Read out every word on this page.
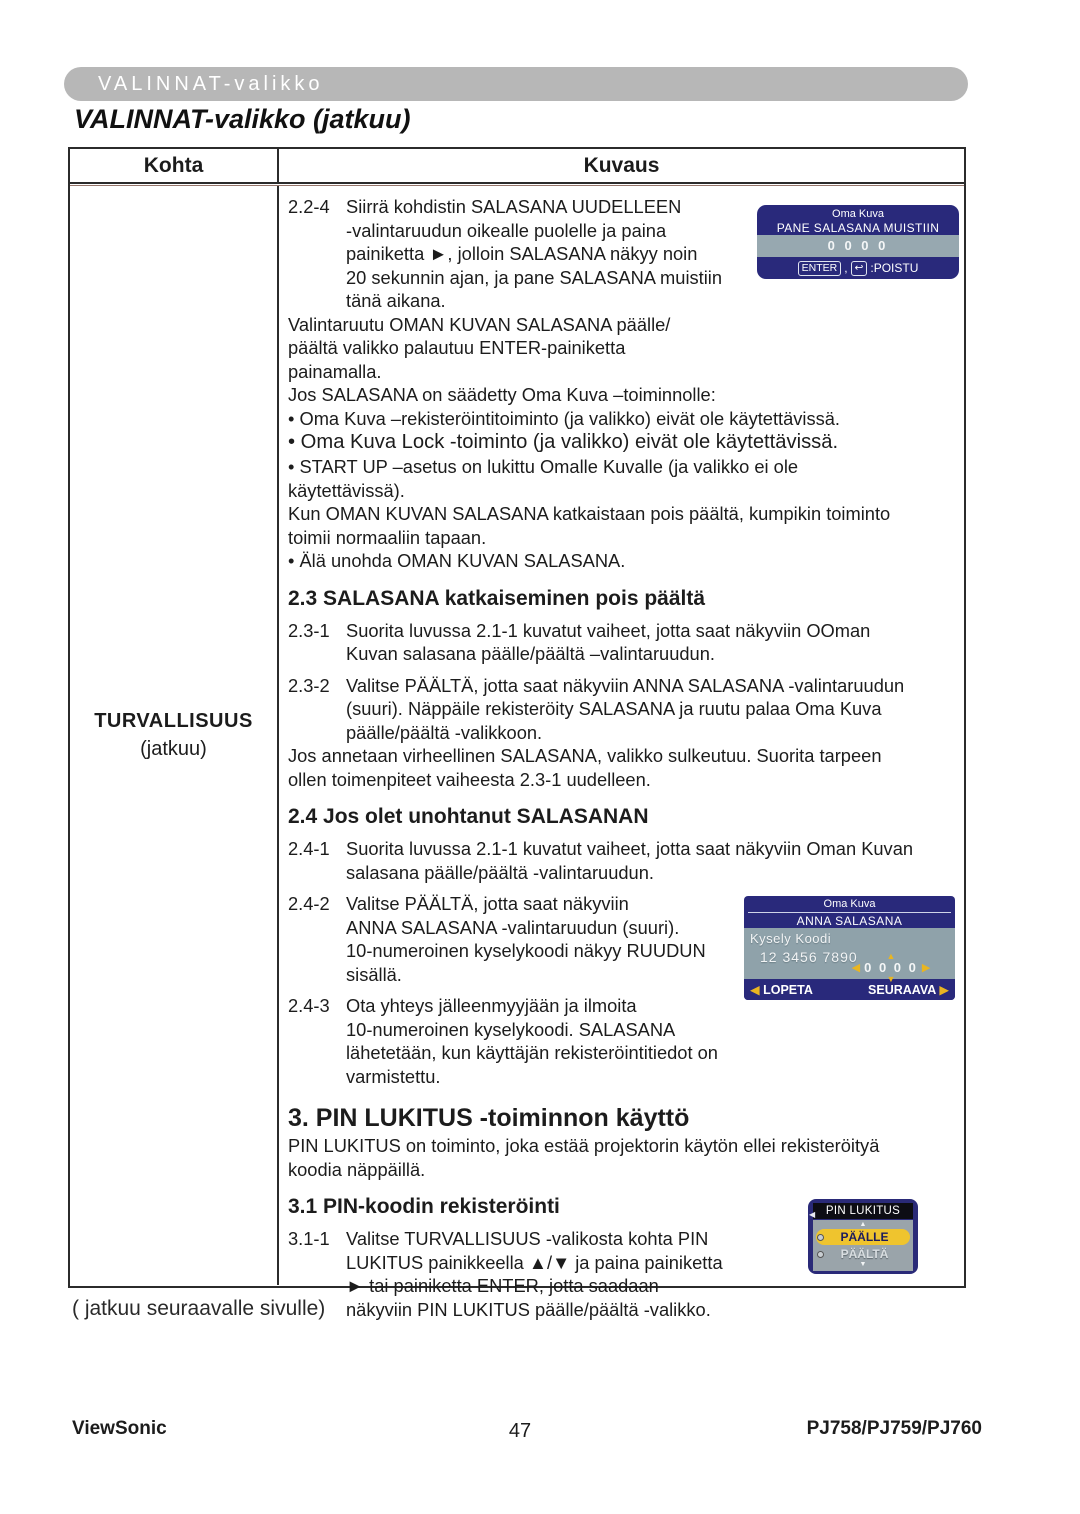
VALINNAT-valikko
VALINNAT-valikko (jatkuu)
Kohta	Kuvaus
TURVALLISUUS
(jatkuu)
2.2-4 Siirrä kohdistin SALASANA UUDELLEEN
-valintaruudun oikealle puolelle ja paina
painiketta ►, jolloin SALASANA näkyy noin
20 sekunnin ajan, ja pane SALASANA muistiin
tänä aikana.
Valintaruutu OMAN KUVAN SALASANA päälle/
päältä valikko palautuu ENTER-painiketta
painamalla.
Jos SALASANA on säädetty Oma Kuva –toiminnolle:
• Oma Kuva –rekisteröintitoiminto (ja valikko) eivät ole käytettävissä.
• Oma Kuva Lock -toiminto (ja valikko) eivät ole käytettävissä.
• START UP –asetus on lukittu Omalle Kuvalle (ja valikko ei ole
käytettävissä).
Kun OMAN KUVAN SALASANA katkaistaan pois päältä, kumpikin toiminto
toimii normaaliin tapaan.
• Älä unohda OMAN KUVAN SALASANA.
2.3 SALASANA katkaiseminen pois päältä
2.3-1 Suorita luvussa 2.1-1 kuvatut vaiheet, jotta saat näkyviin OOman
Kuvan salasana päälle/päältä –valintaruudun.
2.3-2 Valitse PÄÄLTÄ, jotta saat näkyviin ANNA SALASANA -valintaruudun
(suuri). Näppäile rekisteröity SALASANA ja ruutu palaa Oma Kuva
päälle/päältä -valikkoon.
Jos annetaan virheellinen SALASANA, valikko sulkeutuu. Suorita tarpeen
ollen toimenpiteet vaiheesta 2.3-1 uudelleen.
2.4 Jos olet unohtanut SALASANAN
2.4-1 Suorita luvussa 2.1-1 kuvatut vaiheet, jotta saat näkyviin Oman Kuvan
salasana päälle/päältä -valintaruudun.
2.4-2 Valitse PÄÄLTÄ, jotta saat näkyviin
ANNA SALASANA -valintaruudun (suuri).
10-numeroinen kyselykoodi näkyy RUUDUN
sisällä.
2.4-3 Ota yhteys jälleenmyyjään ja ilmoita
10-numeroinen kyselykoodi. SALASANA
lähetetään, kun käyttäjän rekisteröintitiedot on
varmistettu.
3. PIN LUKITUS -toiminnon käyttö
PIN LUKITUS on toiminto, joka estää projektorin käytön ellei rekisteröityä
koodia näppäillä.
3.1 PIN-koodin rekisteröinti
3.1-1 Valitse TURVALLISUUS -valikosta kohta PIN
LUKITUS painikkeella ▲/▼ ja paina painiketta
► tai painiketta ENTER, jotta saadaan
näkyviin PIN LUKITUS päälle/päältä -valikko.
Oma Kuva
PANE SALASANA MUISTIIN
0 0 0 0
ENTER , ↩ :POISTU
Oma Kuva
ANNA SALASANA
Kysely Koodi
12 3456 7890	▲
◀ 0 0 0 0 ▶
▼
◀ LOPETA	SEURAAVA ▶
◀ PIN LUKITUS
▲
PÄÄLLE
PÄÄLTÄ
▼
( jatkuu seuraavalle sivulle)
ViewSonic	47	PJ758/PJ759/PJ760
